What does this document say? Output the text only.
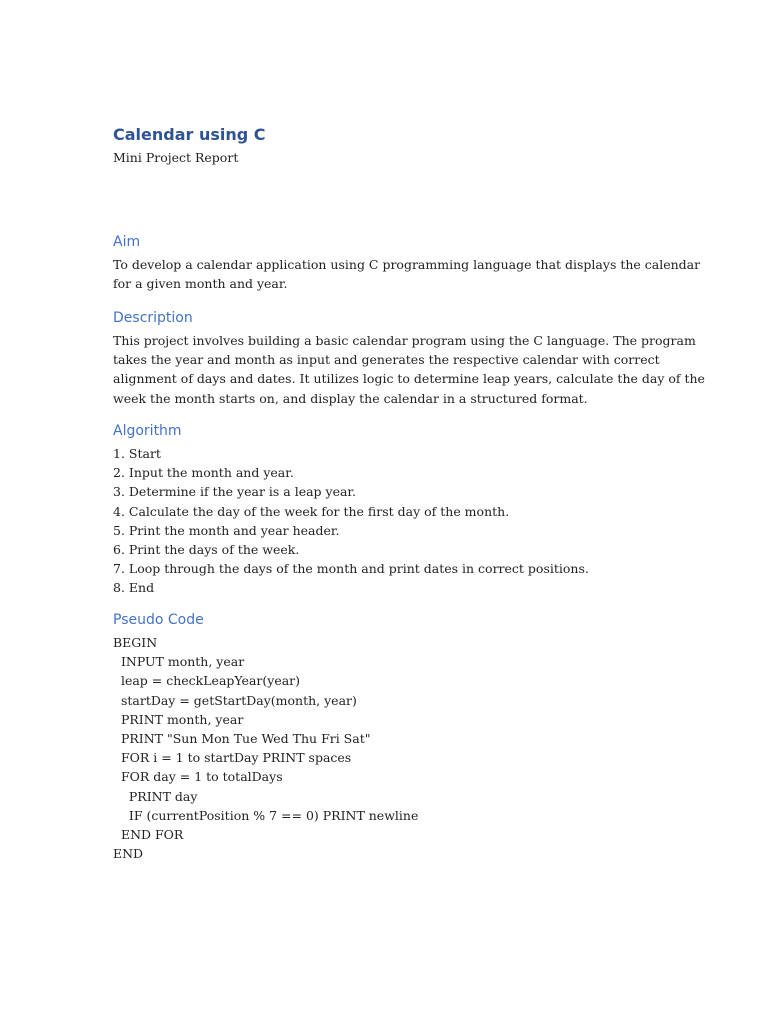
Calendar using C

Mini Project Report

Aim

To develop a calendar application using C programming language that displays the calendar

for a given month and year.

Description

This project involves building a basic calendar program using the C language. The program

takes the year and month as input and generates the respective calendar with correct

alignment of days and dates. It utilizes logic to determine leap years, calculate the day of the

week the month starts on, and display the calendar in a structured format.

Algorithm

1. Start

2. Input the month and year.

3. Determine if the year is a leap year.

4. Calculate the day of the week for the first day of the month.

5. Print the month and year header.

6. Print the days of the week.

7. Loop through the days of the month and print dates in correct positions.

8. End

Pseudo Code

BEGIN

INPUT month, year

leap = checkLeapYear(year)

startDay = getStartDay(month, year)

PRINT month, year

PRINT "Sun Mon Tue Wed Thu Fri Sat"

FOR i = 1 to startDay PRINT spaces

FOR day = 1 to totalDays

PRINT day

IF (currentPosition % 7 == 0) PRINT newline

END FOR

END
